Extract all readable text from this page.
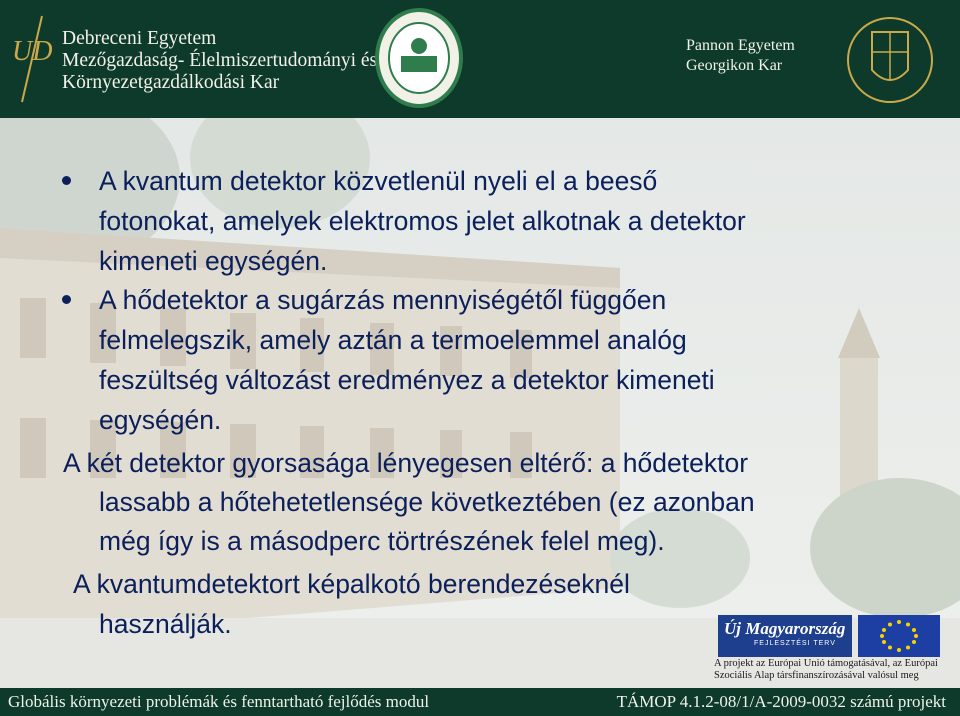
UD Debreceni Egyetem
Mezőgazdaság- Élelmiszertudományi és
Környezetgazdálkodási Kar
Pannon Egyetem
Georgikon Kar
A kvantum detektor közvetlenül nyeli el a beeső
fotonokat, amelyek elektromos jelet alkotnak a detektor
kimeneti egységén.
A hődetektor a sugárzás mennyiségétől függően
felmelegszik, amely aztán a termoelemmel analóg
feszültség változást eredményez a detektor kimeneti
egységén.
A két detektor gyorsasága lényegesen eltérő: a hődetektor
lassabb a hőtehetetlensége következtében (ez azonban
még így is a másodperc törtrészének felel meg).
A kvantumdetektort képalkotó berendezéseknél
használják.	Új Magyarország
FEJLESZTÉSI TERV
A projekt az Európai Unió támogatásával, az Európai
Szociális Alap társfinanszírozásával valósul meg
Globális környezeti problémák és fenntartható fejlődés modul	TÁMOP 4.1.2-08/1/A-2009-0032 számú projekt
